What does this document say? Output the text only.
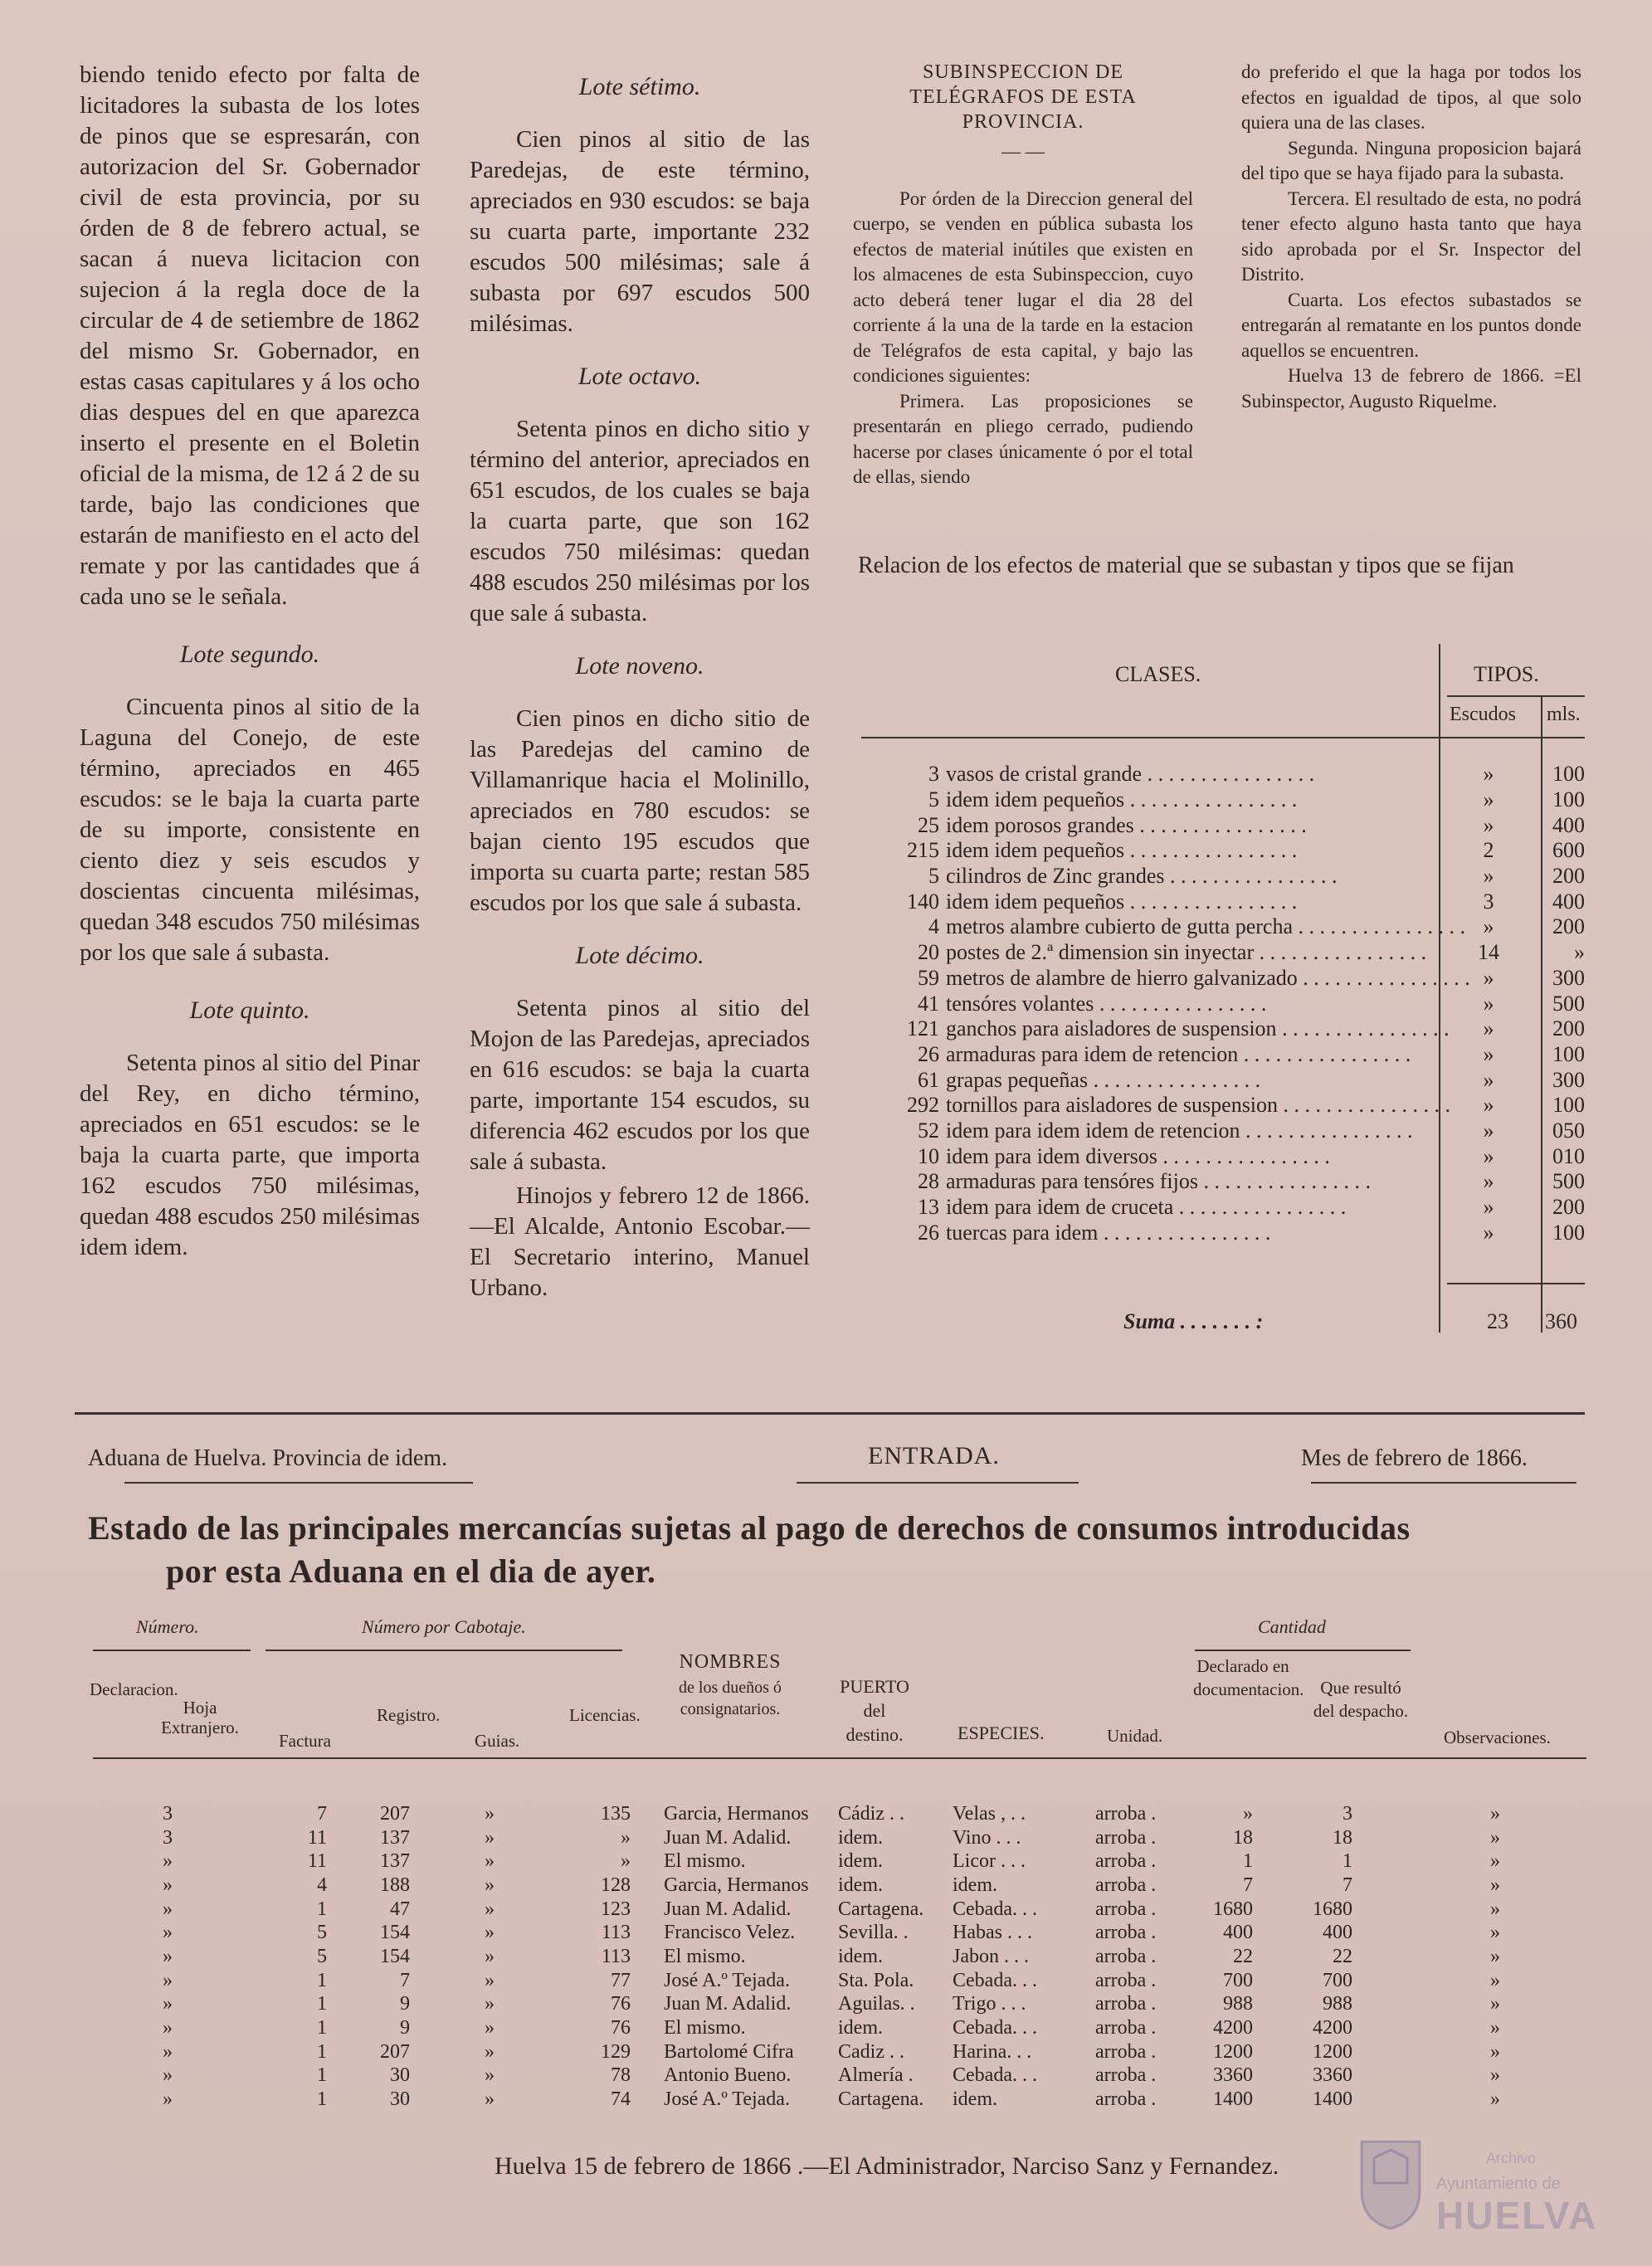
biendo tenido efecto por falta de licitadores la subasta de los lotes de pinos que se espresarán, con autorizacion del Sr. Gobernador civil de esta provincia, por su órden de 8 de febrero actual, se sacan á nueva licitacion con sujecion á la regla doce de la circular de 4 de setiembre de 1862 del mismo Sr. Gobernador, en estas casas capitulares y á los ocho dias despues del en que aparezca inserto el presente en el Boletin oficial de la misma, de 12 á 2 de su tarde, bajo las condiciones que estarán de manifiesto en el acto del remate y por las cantidades que á cada uno se le señala.

Lote segundo.

Cincuenta pinos al sitio de la Laguna del Conejo, de este término, apreciados en 465 escudos: se le baja la cuarta parte de su importe, consistente en ciento diez y seis escudos y doscientas cincuenta milésimas, quedan 348 escudos 750 milésimas por los que sale á subasta.

Lote quinto.

Setenta pinos al sitio del Pinar del Rey, en dicho término, apreciados en 651 escudos: se le baja la cuarta parte, que importa 162 escudos 750 milésimas, quedan 488 escudos 250 milésimas idem idem.

Lote sétimo.

Cien pinos al sitio de las Paredejas, de este término, apreciados en 930 escudos: se baja su cuarta parte, importante 232 escudos 500 milésimas; sale á subasta por 697 escudos 500 milésimas.

Lote octavo.

Setenta pinos en dicho sitio y término del anterior, apreciados en 651 escudos, de los cuales se baja la cuarta parte, que son 162 escudos 750 milésimas: quedan 488 escudos 250 milésimas por los que sale á subasta.

Lote noveno.

Cien pinos en dicho sitio de las Paredejas del camino de Villamanrique hacia el Molinillo, apreciados en 780 escudos: se bajan ciento 195 escudos que importa su cuarta parte; restan 585 escudos por los que sale á subasta.

Lote décimo.

Setenta pinos al sitio del Mojon de las Paredejas, apreciados en 616 escudos: se baja la cuarta parte, importante 154 escudos, su diferencia 462 escudos por los que sale á subasta.

Hinojos y febrero 12 de 1866.—El Alcalde, Antonio Escobar.—El Secretario interino, Manuel Urbano.

SUBINSPECCION DE TELÉGRAFOS DE ESTA PROVINCIA.
— —

Por órden de la Direccion general del cuerpo, se venden en pública subasta los efectos de material inútiles que existen en los almacenes de esta Subinspeccion, cuyo acto deberá tener lugar el dia 28 del corriente á la una de la tarde en la estacion de Telégrafos de esta capital, y bajo las condiciones siguientes:

Primera. Las proposiciones se presentarán en pliego cerrado, pudiendo hacerse por clases únicamente ó por el total de ellas, siendo

do preferido el que la haga por todos los efectos en igualdad de tipos, al que solo quiera una de las clases.

Segunda. Ninguna proposicion bajará del tipo que se haya fijado para la subasta.

Tercera. El resultado de esta, no podrá tener efecto alguno hasta tanto que haya sido aprobada por el Sr. Inspector del Distrito.

Cuarta. Los efectos subastados se entregarán al rematante en los puntos donde aquellos se encuentren.

Huelva 13 de febrero de 1866. =El Subinspector, Augusto Riquelme.

Relacion de los efectos de material que se subastan y tipos que se fijan
CLASES.	TIPOS.
Escudos mls.
3	vasos de cristal grande . . . . . . . . . . . . . . . .	»	100
5	idem idem pequeños . . . . . . . . . . . . . . . .	»	100
25	idem porosos grandes . . . . . . . . . . . . . . . .	»	400
215	idem idem pequeños . . . . . . . . . . . . . . . .	2	600
5	cilindros de Zinc grandes . . . . . . . . . . . . . . . .	»	200
140	idem idem pequeños . . . . . . . . . . . . . . . .	3	400
4	metros alambre cubierto de gutta percha . . . . . . . . . . . . . . . .	»	200
20	postes de 2.ª dimension sin inyectar . . . . . . . . . . . . . . . .	14	»
59	metros de alambre de hierro galvanizado . . . . . . . . . . . . . . . .	»	300
41	tensóres volantes . . . . . . . . . . . . . . . .	»	500
121	ganchos para aisladores de suspension . . . . . . . . . . . . . . . .	»	200
26	armaduras para idem de retencion . . . . . . . . . . . . . . . .	»	100
61	grapas pequeñas . . . . . . . . . . . . . . . .	»	300
292	tornillos para aisladores de suspension . . . . . . . . . . . . . . . .	»	100
52	idem para idem idem de retencion . . . . . . . . . . . . . . . .	»	050
10	idem para idem diversos . . . . . . . . . . . . . . . .	»	010
28	armaduras para tensóres fijos . . . . . . . . . . . . . . . .	»	500
13	idem para idem de cruceta . . . . . . . . . . . . . . . .	»	200
26	tuercas para idem . . . . . . . . . . . . . . . .	»	100
Suma . . . . . . . :	23 360
Aduana de Huelva. Provincia de idem.	ENTRADA.	Mes de febrero de 1866.
Estado de las principales mercancías sujetas al pago de derechos de consumos introducidas
por esta Aduana en el dia de ayer.
Número.	Número por Cabotaje.	Cantidad
Declaracion.
Hoja Extranjero.
Factura
Registro.
Guias.
Licencias.
NOMBRES
de los dueños ó consignatarios.
PUERTO del destino.	ESPECIES.	Unidad.
Declarado en documentacion. Que resultó del despacho.
Observaciones.
3		7	207	»	135	Garcia, Hermanos	Cádiz . .	Velas , . .	arroba .	»	3	»
3		11	137	»	»	Juan M. Adalid.	idem.	Vino . . .	arroba .	18	18	»
»		11	137	»	»	El mismo.	idem.	Licor . . .	arroba .	1	1	»
»		4	188	»	128	Garcia, Hermanos	idem.	idem.	arroba .	7	7	»
»		1	47	»	123	Juan M. Adalid.	Cartagena.	Cebada. . .	arroba .	1680	1680	»
»		5	154	»	113	Francisco Velez.	Sevilla. .	Habas . . .	arroba .	400	400	»
»		5	154	»	113	El mismo.	idem.	Jabon . . .	arroba .	22	22	»
»		1	7	»	77	José A.º Tejada.	Sta. Pola.	Cebada. . .	arroba .	700	700	»
»		1	9	»	76	Juan M. Adalid.	Aguilas. .	Trigo . . .	arroba .	988	988	»
»		1	9	»	76	El mismo.	idem.	Cebada. . .	arroba .	4200	4200	»
»		1	207	»	129	Bartolomé Cifra	Cadiz . .	Harina. . .	arroba .	1200	1200	»
»		1	30	»	78	Antonio Bueno.	Almería .	Cebada. . .	arroba .	3360	3360	»
»		1	30	»	74	José A.º Tejada.	Cartagena.	idem.	arroba .	1400	1400	»
Huelva 15 de febrero de 1866 .—El Administrador, Narciso Sanz y Fernandez.
Ayuntamiento de
HUELVA
Archivo
